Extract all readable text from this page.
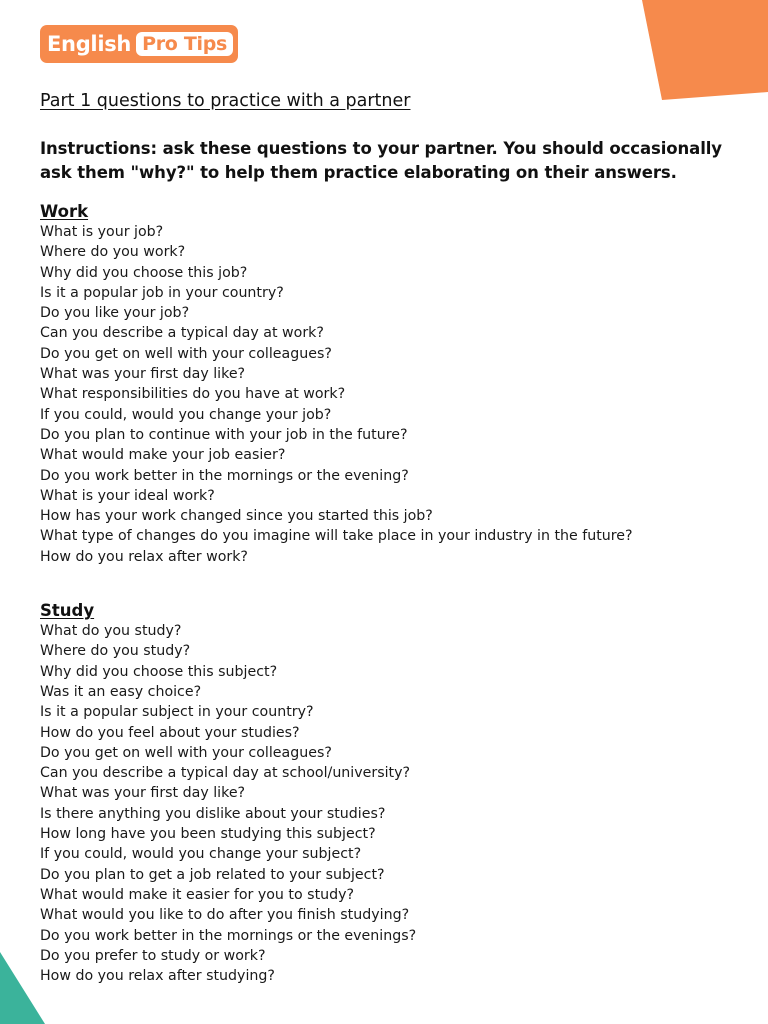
English Pro Tips
Part 1 questions to practice with a partner
Instructions: ask these questions to your partner. You should occasionally ask them "why?" to help them practice elaborating on their answers.
Work
What is your job?
Where do you work?
Why did you choose this job?
Is it a popular job in your country?
Do you like your job?
Can you describe a typical day at work?
Do you get on well with your colleagues?
What was your first day like?
What responsibilities do you have at work?
If you could, would you change your job?
Do you plan to continue with your job in the future?
What would make your job easier?
Do you work better in the mornings or the evening?
What is your ideal work?
How has your work changed since you started this job?
What type of changes do you imagine will take place in your industry in the future?
How do you relax after work?
Study
What do you study?
Where do you study?
Why did you choose this subject?
Was it an easy choice?
Is it a popular subject in your country?
How do you feel about your studies?
Do you get on well with your colleagues?
Can you describe a typical day at school/university?
What was your first day like?
Is there anything you dislike about your studies?
How long have you been studying this subject?
If you could, would you change your subject?
Do you plan to get a job related to your subject?
What would make it easier for you to study?
What would you like to do after you finish studying?
Do you work better in the mornings or the evenings?
Do you prefer to study or work?
How do you relax after studying?
